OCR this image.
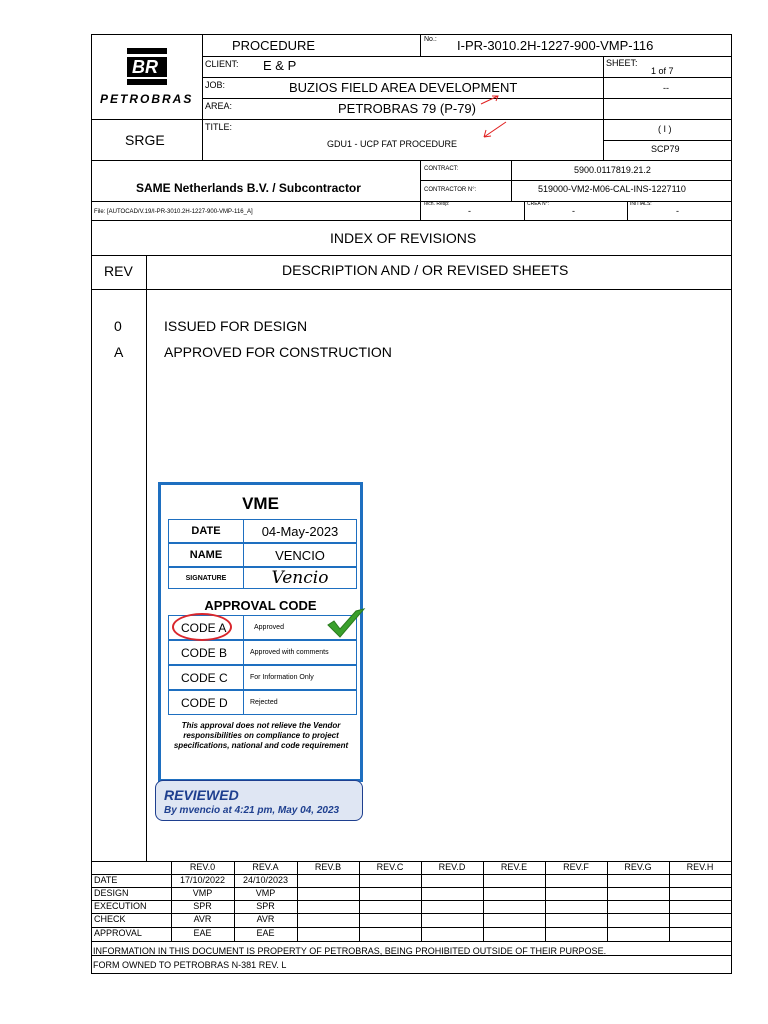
BR
PETROBRAS
PROCEDURE	No.: I-PR-3010.2H-1227-900-VMP-116
CLIENT: E & P	SHEET:
1 of 7
JOB:	BUZIOS FIELD AREA DEVELOPMENT	--
AREA:	PETROBRAS 79 (P-79)
SRGE
TITLE:
GDU1 - UCP FAT PROCEDURE
( I )
SCP79
SAME Netherlands B.V. / Subcontractor
CONTRACT:	5900.0117819.21.2
CONTRACTOR N°:	519000-VM2-M06-CAL-INS-1227110
File: [AUTOCAD/V.19/I-PR-3010.2H-1227-900-VMP-116_A]
Tech. Resp:
-
CREA N°:
-
INITIALS:
-
INDEX OF REVISIONS
REV	DESCRIPTION AND / OR REVISED SHEETS
0	ISSUED FOR DESIGN
A	APPROVED FOR CONSTRUCTION
VME
DATE	04-May-2023
NAME	VENCIO
SIGNATURE	Vencio
APPROVAL CODE
CODE A	Approved
CODE B	Approved with comments
CODE C	For Information Only
CODE D	Rejected
This approval does not relieve the Vendor responsibilities on compliance to project specifications, national and code requirement
REVIEWED
By mvencio at 4:21 pm, May 04, 2023
REV.0	REV.A	REV.B	REV.C	REV.D	REV.E	REV.F	REV.G	REV.H
DATE	17/10/2022	24/10/2023
DESIGN	VMP	VMP
EXECUTION	SPR	SPR
CHECK	AVR	AVR
APPROVAL	EAE	EAE
INFORMATION IN THIS DOCUMENT IS PROPERTY OF PETROBRAS, BEING PROHIBITED OUTSIDE OF THEIR PURPOSE.
FORM OWNED TO PETROBRAS N-381 REV. L
